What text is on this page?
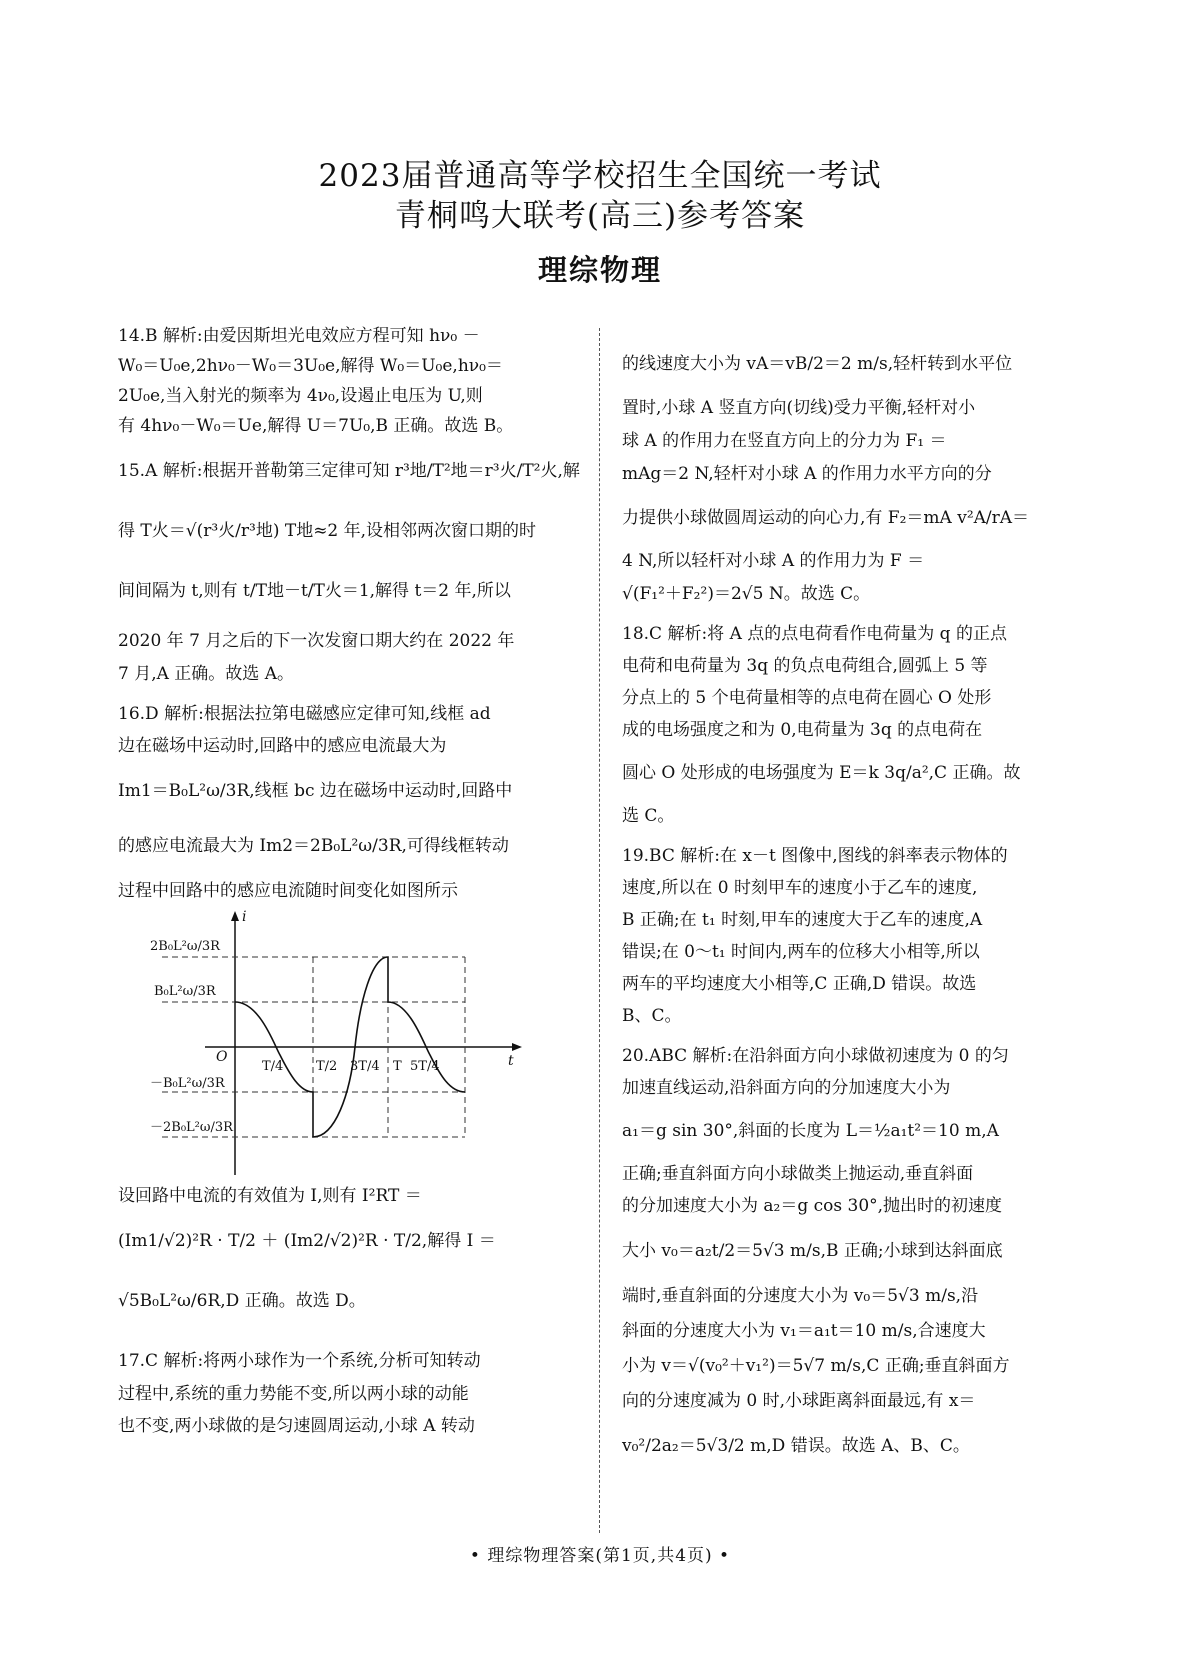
2023届普通高等学校招生全国统一考试
青桐鸣大联考(高三)参考答案
理综物理
14.B 解析:由爱因斯坦光电效应方程可知 hν₀ －
W₀＝U₀e,2hν₀－W₀＝3U₀e,解得 W₀＝U₀e,hν₀＝
2U₀e,当入射光的频率为 4ν₀,设遏止电压为 U,则
有 4hν₀－W₀＝Ue,解得 U＝7U₀,B 正确。故选 B。
15.A 解析:根据开普勒第三定律可知 r³地/T²地＝r³火/T²火,解
得 T火＝√(r³火/r³地) T地≈2 年,设相邻两次窗口期的时
间间隔为 t,则有 t/T地－t/T火＝1,解得 t＝2 年,所以
2020 年 7 月之后的下一次发窗口期大约在 2022 年
7 月,A 正确。故选 A。
16.D 解析:根据法拉第电磁感应定律可知,线框 ad
边在磁场中运动时,回路中的感应电流最大为
Im1＝B₀L²ω/3R,线框 bc 边在磁场中运动时,回路中
的感应电流最大为 Im2＝2B₀L²ω/3R,可得线框转动
过程中回路中的感应电流随时间变化如图所示
设回路中电流的有效值为 I,则有 I²RT ＝
(Im1/√2)²R · T/2 ＋ (Im2/√2)²R · T/2,解得 I ＝
√5B₀L²ω/6R,D 正确。故选 D。
17.C 解析:将两小球作为一个系统,分析可知转动
过程中,系统的重力势能不变,所以两小球的动能
也不变,两小球做的是匀速圆周运动,小球 A 转动
的线速度大小为 vA＝vB/2＝2 m/s,轻杆转到水平位
置时,小球 A 竖直方向(切线)受力平衡,轻杆对小
球 A 的作用力在竖直方向上的分力为 F₁ ＝
mAg＝2 N,轻杆对小球 A 的作用力水平方向的分
力提供小球做圆周运动的向心力,有 F₂＝mA v²A/rA＝
4 N,所以轻杆对小球 A 的作用力为 F ＝
√(F₁²＋F₂²)＝2√5 N。故选 C。
18.C 解析:将 A 点的点电荷看作电荷量为 q 的正点
电荷和电荷量为 3q 的负点电荷组合,圆弧上 5 等
分点上的 5 个电荷量相等的点电荷在圆心 O 处形
成的电场强度之和为 0,电荷量为 3q 的点电荷在
圆心 O 处形成的电场强度为 E＝k 3q/a²,C 正确。故
选 C。
19.BC 解析:在 x－t 图像中,图线的斜率表示物体的
速度,所以在 0 时刻甲车的速度小于乙车的速度,
B 正确;在 t₁ 时刻,甲车的速度大于乙车的速度,A
错误;在 0～t₁ 时间内,两车的位移大小相等,所以
两车的平均速度大小相等,C 正确,D 错误。故选
B、C。
20.ABC 解析:在沿斜面方向小球做初速度为 0 的匀
加速直线运动,沿斜面方向的分加速度大小为
a₁＝g sin 30°,斜面的长度为 L＝½a₁t²＝10 m,A
正确;垂直斜面方向小球做类上抛运动,垂直斜面
的分加速度大小为 a₂＝g cos 30°,抛出时的初速度
大小 v₀＝a₂t/2＝5√3 m/s,B 正确;小球到达斜面底
端时,垂直斜面的分速度大小为 v₀＝5√3 m/s,沿
斜面的分速度大小为 v₁＝a₁t＝10 m/s,合速度大
小为 v＝√(v₀²＋v₁²)＝5√7 m/s,C 正确;垂直斜面方
向的分速度减为 0 时,小球距离斜面最远,有 x＝
v₀²/2a₂＝5√3/2 m,D 错误。故选 A、B、C。
i
t
O
2B₀L²ω/3R
B₀L²ω/3R
－B₀L²ω/3R
－2B₀L²ω/3R
T/4	T/2 3T/4 T 5T/4
• 理综物理答案(第1页,共4页) •
